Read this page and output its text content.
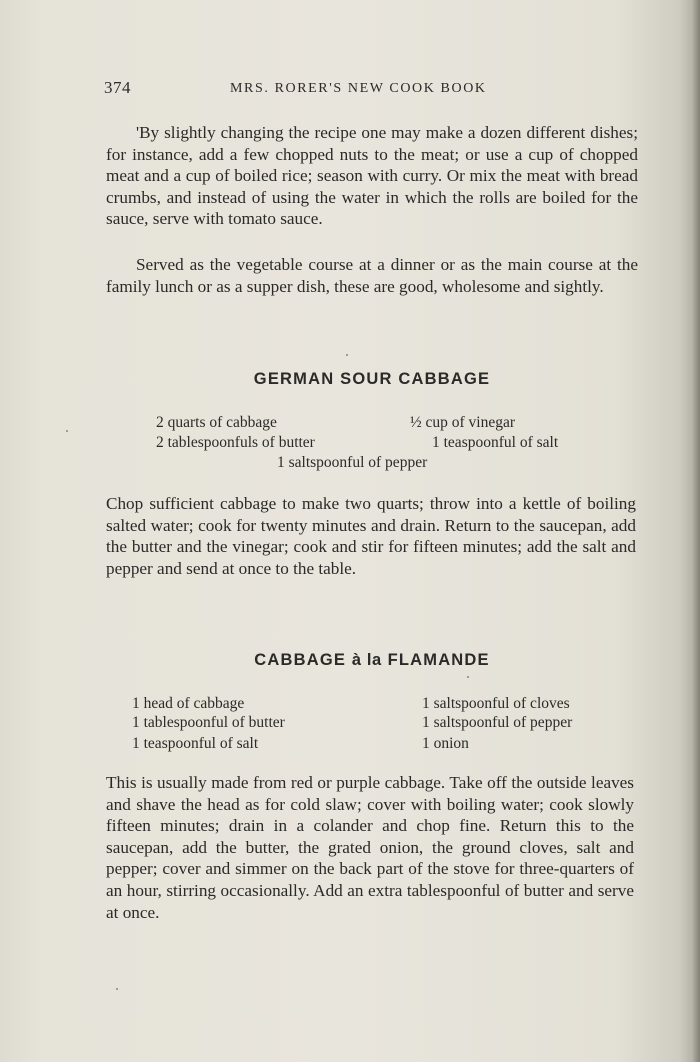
374	MRS. RORER'S NEW COOK BOOK

'By slightly changing the recipe one may make a dozen different dishes; for instance, add a few chopped nuts to the meat; or use a cup of chopped meat and a cup of boiled rice; season with curry. Or mix the meat with bread crumbs, and instead of using the water in which the rolls are boiled for the sauce, serve with tomato sauce.

Served as the vegetable course at a dinner or as the main course at the family lunch or as a supper dish, these are good, wholesome and sightly.

GERMAN SOUR CABBAGE
2 quarts of cabbage	½ cup of vinegar
2 tablespoonfuls of butter	1 teaspoonful of salt
1 saltspoonful of pepper

Chop sufficient cabbage to make two quarts; throw into a kettle of boiling salted water; cook for twenty minutes and drain. Return to the saucepan, add the butter and the vinegar; cook and stir for fifteen minutes; add the salt and pepper and send at once to the table.

CABBAGE à la FLAMANDE
1 head of cabbage	1 saltspoonful of cloves
1 tablespoonful of butter	1 saltspoonful of pepper
1 teaspoonful of salt	1 onion

This is usually made from red or purple cabbage. Take off the outside leaves and shave the head as for cold slaw; cover with boiling water; cook slowly fifteen minutes; drain in a colander and chop fine. Return this to the saucepan, add the butter, the grated onion, the ground cloves, salt and pepper; cover and simmer on the back part of the stove for three-quarters of an hour, stirring occasionally. Add an extra tablespoonful of butter and serve at once.
